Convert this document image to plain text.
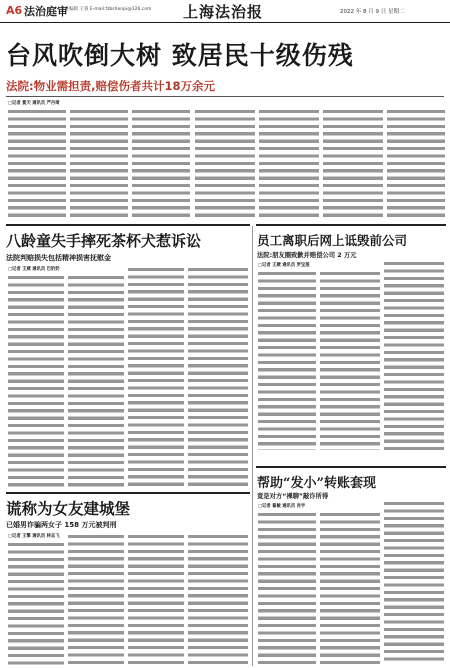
A6 法治庭审
责任编辑 王睿 E-mail:fzbshenpi@126.com 上海法治报	2022 年 8 月 9 日 星期二
台风吹倒大树 致居民十级伤残
法院:物业需担责,赔偿伤者共计18万余元
□记者 夏天 通讯员 严丹琦
八龄童失手摔死茶杯犬惹诉讼
法院判赔损失包括精神损害抚慰金
□记者 王葳 通讯员 巴奶奶
员工离职后网上诋毁前公司
法院:朋友圈致歉并赔偿公司 2 万元
□记者 王葳 通讯员 罗宝莲
谎称为女友建城堡
已婚男诈骗两女子 158 万元被判刑
□记者 王擎 通讯员 林志飞
帮助“发小”转账套现
竟是对方“裸聊”敲诈所得
□记者 翟敏 通讯员 肖宇
